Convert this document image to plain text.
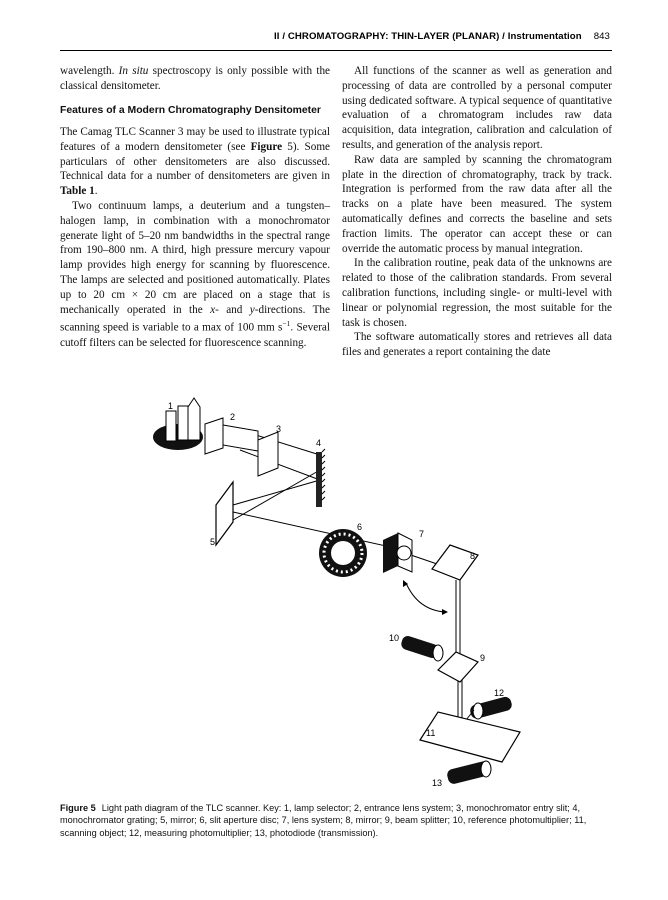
II / CHROMATOGRAPHY: THIN-LAYER (PLANAR) / Instrumentation 843

wavelength. In situ spectroscopy is only possible with the classical densitometer.

Features of a Modern Chromatography Densitometer

The Camag TLC Scanner 3 may be used to illustrate typical features of a modern densitometer (see Figure 5). Some particulars of other densitometers are also discussed. Technical data for a number of densitometers are given in Table 1.

Two continuum lamps, a deuterium and a tungsten–halogen lamp, in combination with a monochromator generate light of 5–20 nm bandwidths in the spectral range from 190–800 nm. A third, high pressure mercury vapour lamp provides high energy for scanning by fluorescence. The lamps are selected and positioned automatically. Plates up to 20 cm × 20 cm are placed on a stage that is mechanically operated in the x- and y-directions. The scanning speed is variable to a max of 100 mm $s^{-1}$. Several cutoff filters can be selected for fluorescence scanning.

All functions of the scanner as well as generation and processing of data are controlled by a personal computer using dedicated software. A typical sequence of quantitative evaluation of a chromatogram includes raw data acquisition, data integration, calibration and calculation of results, and generation of the analysis report.

Raw data are sampled by scanning the chromatogram plate in the direction of chromatography, track by track. Integration is performed from the raw data after all the tracks on a plate have been measured. The system automatically defines and corrects the baseline and sets fraction limits. The operator can accept these or can override the automatic process by manual integration.

In the calibration routine, peak data of the unknowns are related to those of the calibration standards. From several calibration functions, including single- or multi-level with linear or polynomial regression, the most suitable for the task is chosen.

The software automatically stores and retrieves all data files and generates a report containing the date

1
2
3
4
5
6
7
8
9
10
11
12
13
Figure 5 Light path diagram of the TLC scanner. Key: 1, lamp selector; 2, entrance lens system; 3, monochromator entry slit; 4, monochromator grating; 5, mirror; 6, slit aperture disc; 7, lens system; 8, mirror; 9, beam splitter; 10, reference photomultiplier; 11, scanning object; 12, measuring photomultiplier; 13, photodiode (transmission).
